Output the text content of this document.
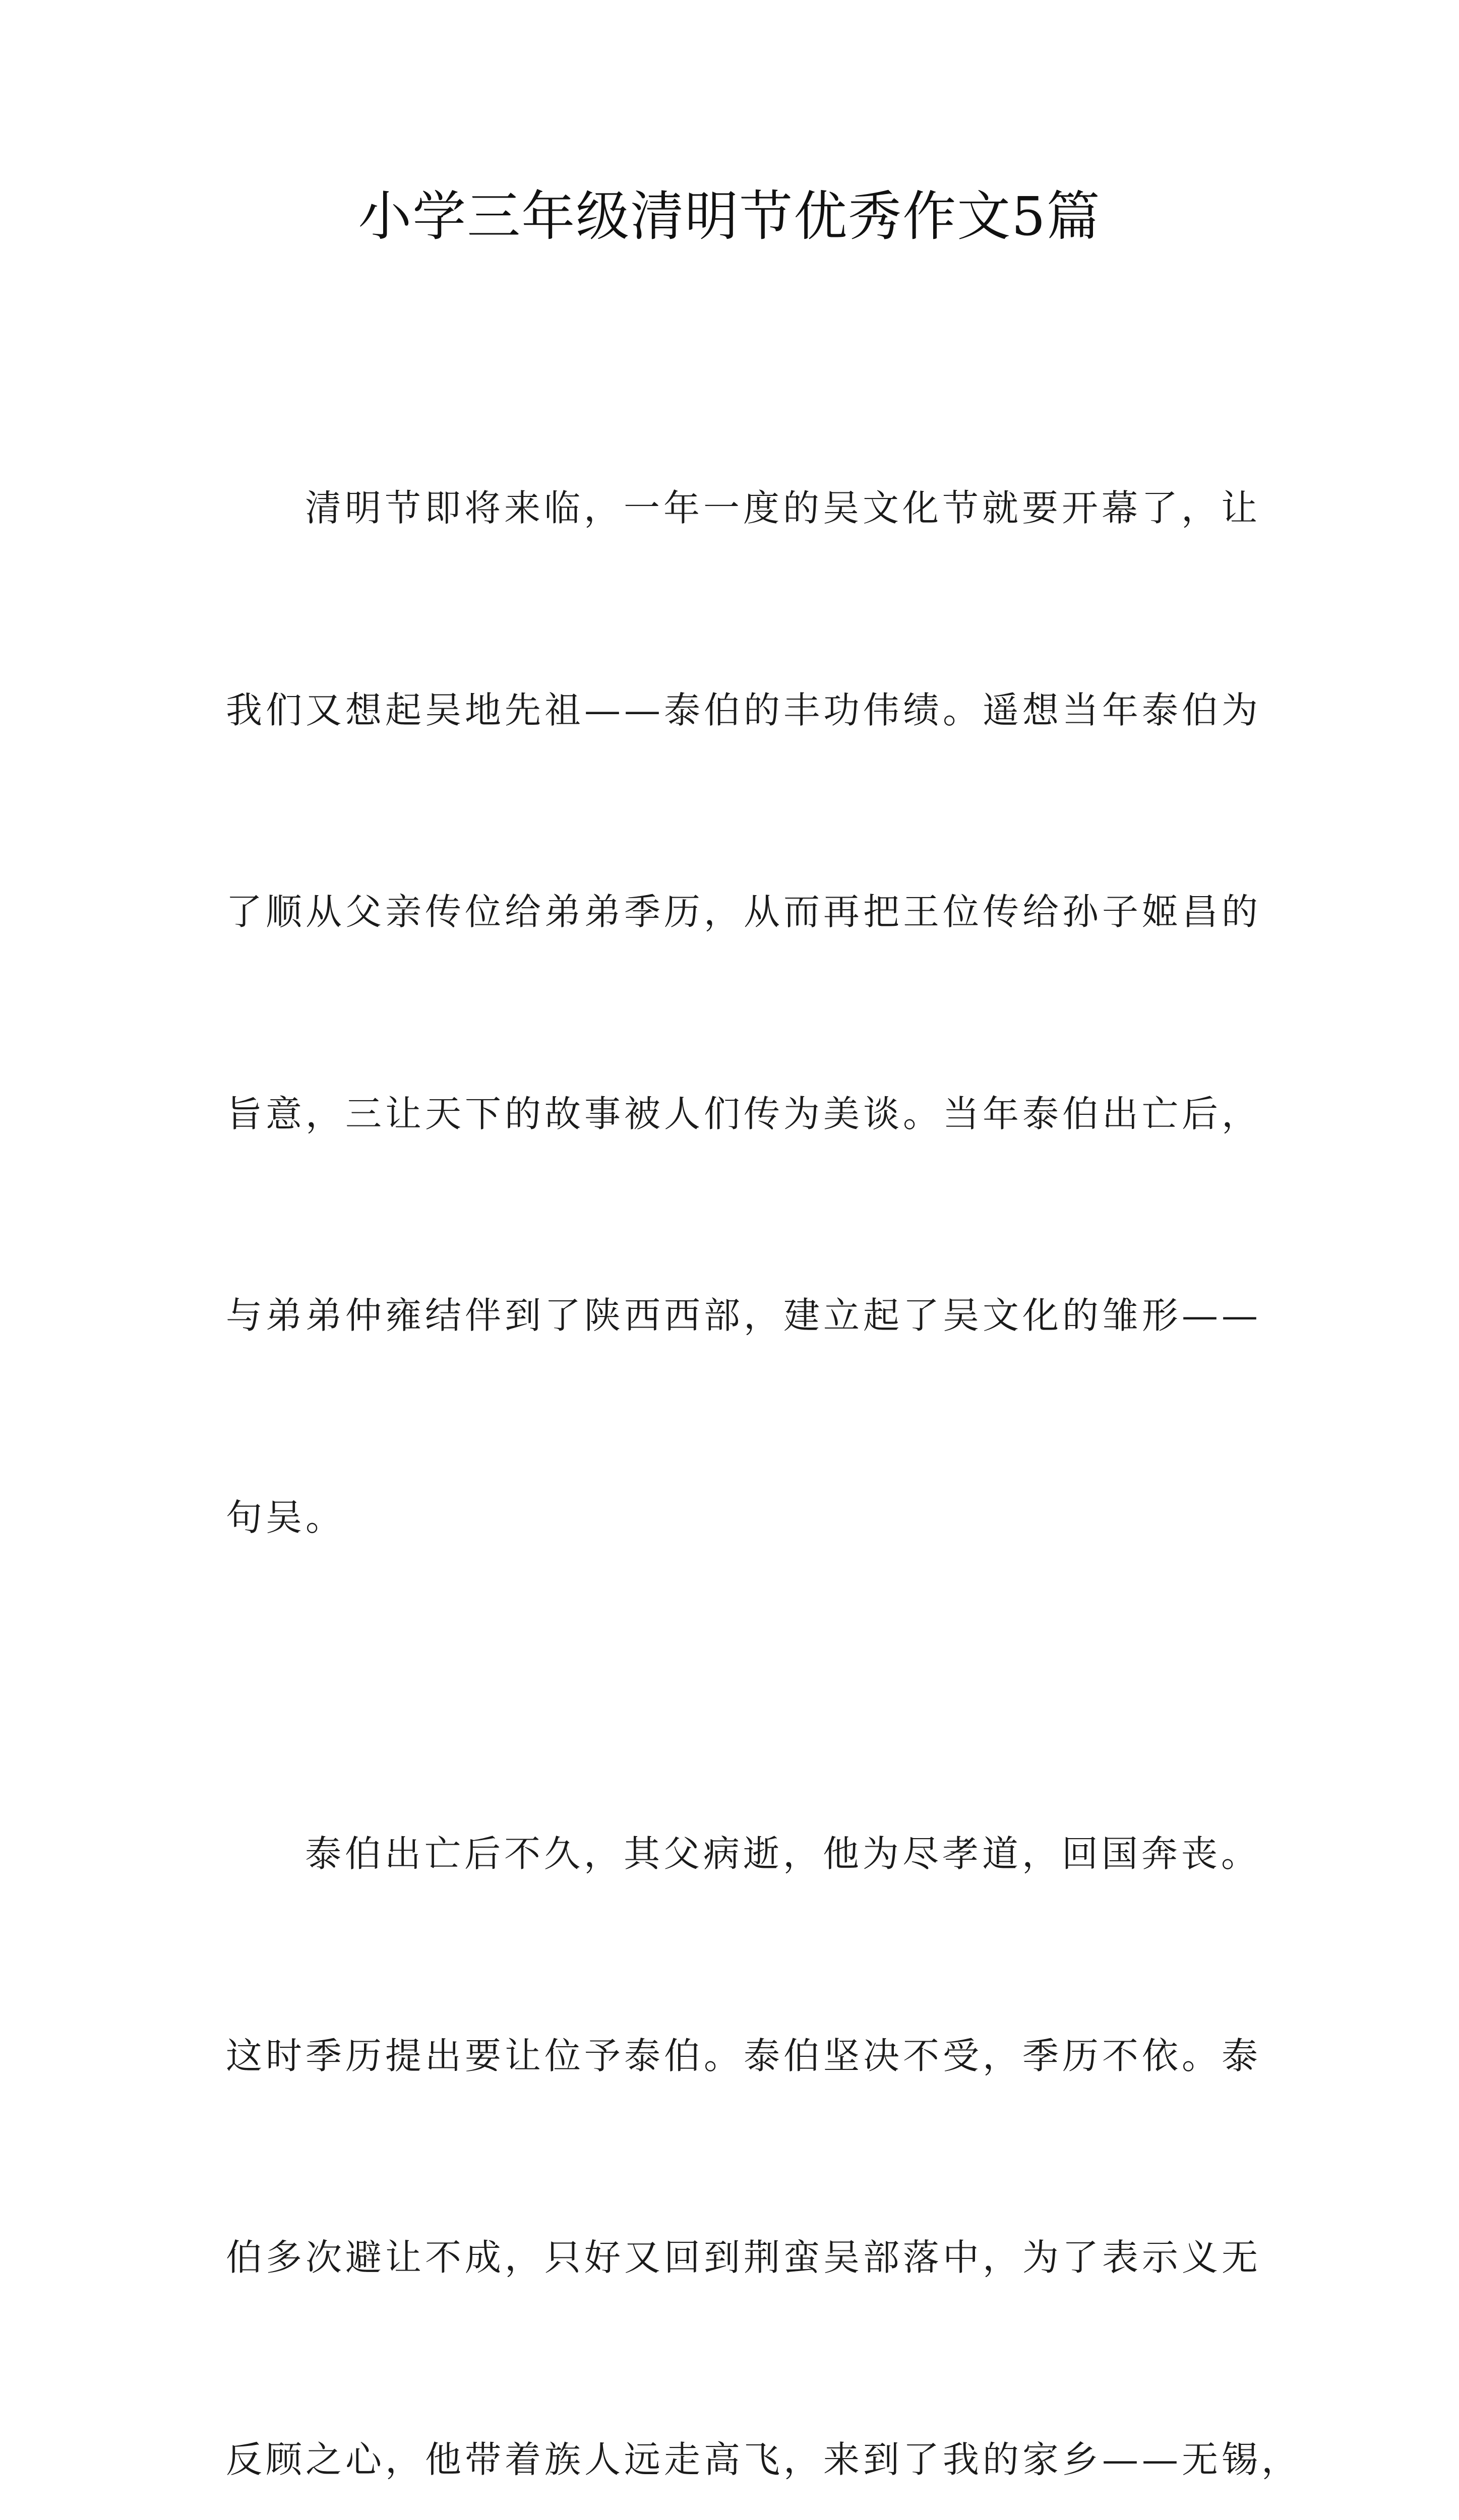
小学三年级清明节优秀作文5篇

清明节即将来临，一年一度的吴文化节就要开幕了，让

我们又想起吴地先祖——泰伯的丰功伟绩。遥想当年泰伯为

了顺从父亲传位给弟弟季历，从而再把王位传给孙子姬昌的

旨意，三让天下的故事被人们传为美谈。当年泰伯出亡后，

与弟弟仲雍结伴到了陕西西部，建立起了吴文化的雏形——

句吴。

泰伯出亡后不久，其父病逝，他为尽孝道，回国奔丧。

这时季历提出要让位予泰伯。泰伯坚决不受，季历不依。泰

伯多次避让不成，只好又回到荆蛮吴部落中，为了表示义无

反顾之心，他带着族人远走高飞，来到了我的家乡——无锡，
